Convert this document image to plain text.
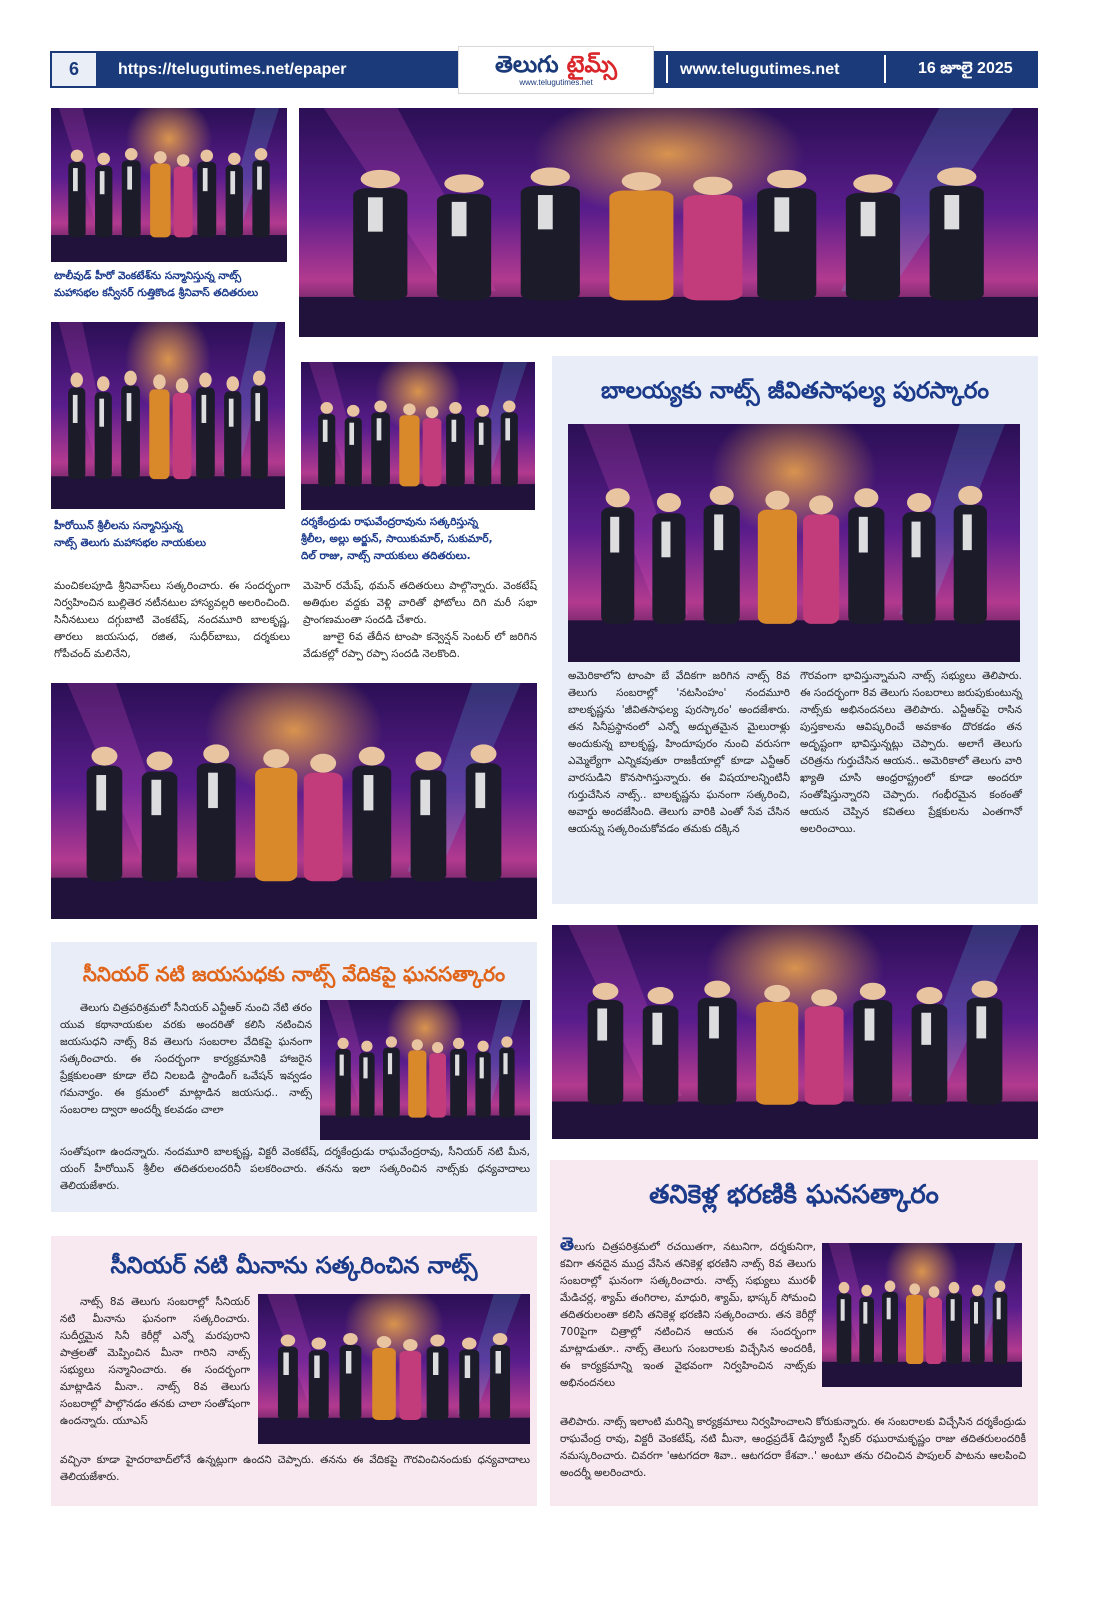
6	https://telugutimes.net/epaper	తెలుగు టైమ్స్
www.telugutimes.net
www.telugutimes.net	16 జూలై 2025
టాలీవుడ్ హీరో వెంకటేశ్‌ను సన్మానిస్తున్న నాట్స్
మహాసభల కన్వీనర్ గుత్తికొండ శ్రీనివాస్ తదితరులు
హీరోయిన్ శ్రీలీలను సన్మానిస్తున్న
నాట్స్ తెలుగు మహాసభల నాయకులు
దర్శకేంద్రుడు రాఘవేంద్రరావును సత్కరిస్తున్న
శ్రీలీల, అల్లు అర్జున్, సాయికుమార్, సుకుమార్,
దిల్ రాజు, నాట్స్ నాయకులు తదితరులు.

మంచికలపూడి శ్రీనివాస్‌లు సత్కరించారు. ఈ సందర్భంగా నిర్వహించిన బుల్లితెర నటీనటుల హాస్యవల్లరి అలరించింది. సినీనటులు దగ్గుబాటి వెంకటేష్, నందమూరి బాలకృష్ణ, తారలు జయసుధ, రజిత, సుధీర్‌బాబు, దర్శకులు గోపీచంద్ మలినేని,

మెహెర్ రమేష్, థమన్ తదితరులు పాల్గొన్నారు. వెంకటేష్ అతిథుల వద్దకు వెళ్లి వారితో ఫోటోలు దిగి మరీ సభా ప్రాంగణమంతా సందడి చేశారు.

జూలై 6వ తేదీన టాంపా కన్వెన్షన్ సెంటర్ లో జరిగిన వేడుకల్లో రప్పా రప్పా సందడి నెలకొంది.

బాలయ్యకు నాట్స్ జీవితసాఫల్య పురస్కారం

అమెరికాలోని టాంపా బే వేదికగా జరిగిన నాట్స్ 8వ తెలుగు సంబరాల్లో 'నటసింహం' నందమూరి బాలకృష్ణను 'జీవితసాఫల్య పురస్కారం' అందజేశారు. తన సినీప్రస్థానంలో ఎన్నో అద్భుతమైన మైలురాళ్లు అందుకున్న బాలకృష్ణ, హిందూపురం నుంచి వరుసగా ఎమ్మెల్యేగా ఎన్నికవుతూ రాజకీయాల్లో కూడా ఎన్టీఆర్ వారసుడిని కొనసాగిస్తున్నారు. ఈ విషయాలన్నింటినీ గుర్తుచేసిన నాట్స్.. బాలకృష్ణను ఘనంగా సత్కరించి, అవార్డు అందజేసింది. తెలుగు వారికి ఎంతో సేవ చేసిన ఆయన్ను సత్కరించుకోవడం తమకు దక్కిన

గౌరవంగా భావిస్తున్నామని నాట్స్ సభ్యులు తెలిపారు. ఈ సందర్భంగా 8వ తెలుగు సంబరాలు జరుపుకుంటున్న నాట్స్‌కు అభినందనలు తెలిపారు. ఎన్టీఆర్‌పై రాసిన పుస్తకాలను ఆవిష్కరించే అవకాశం దొరకడం తన అదృష్టంగా భావిస్తున్నట్లు చెప్పారు. అలాగే తెలుగు చరిత్రను గుర్తుచేసిన ఆయన.. అమెరికాలో తెలుగు వారి ఖ్యాతి చూసి ఆంధ్రరాష్ట్రంలో కూడా అందరూ సంతోషిస్తున్నారని చెప్పారు. గంభీరమైన కంఠంతో ఆయన చెప్పిన కవితలు ప్రేక్షకులను ఎంతగానో అలరించాయి.

సీనియర్ నటి జయసుధకు నాట్స్ వేదికపై ఘనసత్కారం

తెలుగు చిత్రపరిశ్రమలో సీనియర్ ఎన్టీఆర్ నుంచి నేటి తరం యువ కథానాయకుల వరకు అందరితో కలిసి నటించిన జయసుధని నాట్స్ 8వ తెలుగు సంబరాల వేదికపై ఘనంగా సత్కరించారు. ఈ సందర్భంగా కార్యక్రమానికి హాజరైన ప్రేక్షకులంతా కూడా లేచి నిలబడి స్టాండింగ్ ఒవేషన్ ఇవ్వడం గమనార్హం. ఈ క్రమంలో మాట్లాడిన జయసుధ.. నాట్స్ సంబరాల ద్వారా అందర్నీ కలవడం చాలా

సంతోషంగా ఉందన్నారు. నందమూరి బాలకృష్ణ, విక్టరీ వెంకటేష్, దర్శకేంద్రుడు రాఘవేంద్రరావు, సీనియర్ నటి మీన, యంగ్ హీరోయిన్ శ్రీలీల తదితరులందరినీ పలకరించారు. తనను ఇలా సత్కరించిన నాట్స్‌కు ధన్యవాదాలు తెలియజేశారు.

సీనియర్ నటి మీనాను సత్కరించిన నాట్స్

నాట్స్ 8వ తెలుగు సంబరాల్లో సీనియర్ నటి మీనాను ఘనంగా సత్కరించారు. సుదీర్ఘమైన సినీ కెరీర్లో ఎన్నో మరపురాని పాత్రలతో మెప్పించిన మీనా గారిని నాట్స్ సభ్యులు సన్మానించారు. ఈ సందర్భంగా మాట్లాడిన మీనా.. నాట్స్ 8వ తెలుగు సంబరాల్లో పాల్గొనడం తనకు చాలా సంతోషంగా ఉందన్నారు. యూఎస్

వచ్చినా కూడా హైదరాబాద్‌లోనే ఉన్నట్లుగా ఉందని చెప్పారు. తనను ఈ వేదికపై గౌరవించినందుకు ధన్యవాదాలు తెలియజేశారు.

తనికెళ్ల భరణికి ఘనసత్కారం

తెలుగు చిత్రపరిశ్రమలో రచయితగా, నటునిగా, దర్శకునిగా, కవిగా తనదైన ముద్ర వేసిన తనికెళ్ల భరణిని నాట్స్ 8వ తెలుగు సంబరాల్లో ఘనంగా సత్కరించారు. నాట్స్ సభ్యులు మురళీ మేడిచర్ల, శ్యామ్ తంగిరాల, మాధురి, శ్యామ్, భాస్కర్ సోమంచి తదితరులంతా కలిసి తనికెళ్ల భరణిని సత్కరించారు. తన కెరీర్లో 700పైగా చిత్రాల్లో నటించిన ఆయన ఈ సందర్భంగా మాట్లాడుతూ.. నాట్స్ తెలుగు సంబరాలకు విచ్చేసిన అందరికీ, ఈ కార్యక్రమాన్ని ఇంత వైభవంగా నిర్వహించిన నాట్స్‌కు అభినందనలు

తెలిపారు. నాట్స్ ఇలాంటి మరిన్ని కార్యక్రమాలు నిర్వహించాలని కోరుకున్నారు. ఈ సంబరాలకు విచ్చేసిన దర్శకేంద్రుడు రాఘవేంద్ర రావు, విక్టరీ వెంకటేష్, నటి మీనా, ఆంధ్రప్రదేశ్ డిప్యూటీ స్పీకర్ రఘురామకృష్ణం రాజు తదితరులందరికీ నమస్కరించారు. చివరగా 'ఆటగదరా శివా.. ఆటగదరా కేశవా..' అంటూ తను రచించిన పాపులర్ పాటను ఆలపించి అందర్నీ అలరించారు.
